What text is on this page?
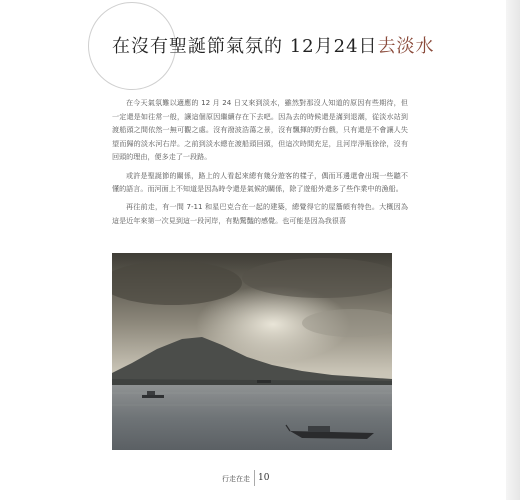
在沒有聖誕節氣氛的 12月24日去淡水

在今天氣氛難以適應的 12 月 24 日又來到淡水，雖然對那沒人知道的原因有些期待，但一定還是如往常一般，讓這個原因繼續存在下去吧。因為去的時候還是滿到退潮，從淡水站到渡船頭之間依然一無可觀之處。沒有潑波浩蕩之景，沒有飄揮的野台戲，只有還是不會讓人失望而歸的淡水河右岸。之前到淡水總在渡船頭回頭，但這次時間充足，且河岸淨瓶徐徐，沒有回頭的理由，便多走了一段路。

或許是聖誕節的關係，路上的人看起來總有幾分遊客的樣子，偶而耳邊還會出現一些聽不懂的語言。而河面上不知道是因為時令還是氣候的關係，除了遊船外還多了些作業中的漁船。

再往前走，有一間 7-11 和星巴克合在一起的建築，總覺得它的屋簷頗有特色。大概因為這是近年來第一次見到這一段河岸，有點驚豔的感覺。也可能是因為我很喜

行走在走 10
